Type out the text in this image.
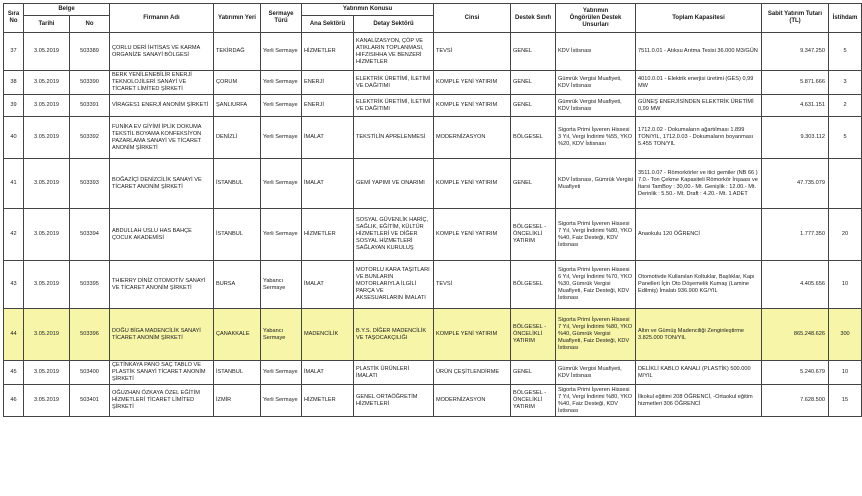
Sıra No	Belge		Firmanın Adı	Yatırımın Yeri	Sermaye Türü	Yatırımın Konusu		Cinsi	Destek Sınıfı	Yatırımın
Öngörülen Destek Unsurları	Toplam Kapasitesi	Sabit Yatırım Tutarı (TL)	İstihdam
	Tarihi	No				Ana Sektörü	Detay Sektörü						
37	3.05.2019	503389	ÇORLU DERİ İHTİSAS VE KARMA ORGANİZE SANAYİ BÖLGESİ	TEKİRDAĞ	Yerli Sermaye	HİZMETLER	KANALİZASYON, ÇÖP VE ATIKLARIN TOPLANMASI, HIFZISIHHA VE BENZERİ HİZMETLER	TEVSİ	GENEL	KDV İstisnası	7511.0.01 - Atıksu Arıtma Tesisi 36.000 M3/GÜN	9.347.250	5
38	3.05.2019	503390	BERK YENİLENEBİLİR ENERJİ TEKNOLOJİLERİ SANAYİ VE TİCARET LİMİTED ŞİRKETİ	ÇORUM	Yerli Sermaye	ENERJİ	ELEKTRİK ÜRETİMİ, İLETİMİ VE DAĞITIMI	KOMPLE YENİ YATIRIM	GENEL	Gümrük Vergisi Muafiyeti, KDV İstisnası	4010.0.01 - Elektrik enerjisi üretimi (GES) 0,99 MW	5.871.666	3
39	3.05.2019	503391	VİRAGES1 ENERJİ ANONİM ŞİRKETİ	ŞANLIURFA	Yerli Sermaye	ENERJİ	ELEKTRİK ÜRETİMİ, İLETİMİ VE DAĞITIMI	KOMPLE YENİ YATIRIM	GENEL	Gümrük Vergisi Muafiyeti, KDV İstisnası	GÜNEŞ ENERJİSİNDEN ELEKTRİK ÜRETİMİ 0,99 MW	4.631.151	2
40	3.05.2019	503392	FUNİKA EV GİYİMİ İPLİK DOKUMA TEKSTİL BOYAMA KONFEKSİYON PAZARLAMA SANAYİ VE TİCARET ANONİM ŞİRKETİ	DENİZLİ	Yerli Sermaye	İMALAT	TEKSTİLİN APRELENMESİ	MODERNİZASYON	BÖLGESEL	Sigorta Primi İşveren Hissesi 3 Yıl, Vergi İndirimi %55, YKO %20, KDV İstisnası	1712.0.02 - Dokumaların ağartılması 1.899 TON/YIL, 1712.0.03 - Dokumaların boyanması 5.455 TON/YIL	9.303.112	5
41	3.05.2019	503393	BOĞAZİÇİ DENİZCİLİK SANAYİ VE TİCARET ANONİM ŞİRKETİ	İSTANBUL	Yerli Sermaye	İMALAT	GEMİ YAPIMI VE ONARIMI	KOMPLE YENİ YATIRIM	GENEL	KDV İstisnası, Gümrük Vergisi Muafiyeti	3511.0.07 - Römorkörler ve itici gemiler (NB 66 ) 7.0.- Ton Çekme Kapasiteli Römorkör İnşaası ve İtarsi TamBoy : 30,00.- Mt. Genişlik : 12.00.- Mt. Derinlik : 5.50.- Mt. Draft : 4.20.- Mt. 1 ADET	47.735.079	
42	3.05.2019	503394	ABDULLAH USLU HAS BAHÇE ÇOCUK AKADEMİSİ	İSTANBUL	Yerli Sermaye	HİZMETLER	SOSYAL GÜVENLİK HARİÇ, SAĞLIK, EĞİTİM, KÜLTÜR HİZMETLERİ VE DİĞER SOSYAL HİZMETLERİ SAĞLAYAN KURULUŞ	KOMPLE YENİ YATIRIM	BÖLGESEL - ÖNCELİKLİ YATIRIM	Sigorta Primi İşveren Hissesi 7 Yıl, Vergi İndirimi %80, YKO %40, Faiz Desteği, KDV İstisnası	Anaokulu 120 ÖĞRENCİ	1.777.350	20
43	3.05.2019	503395	THIERRY DİNİZ OTOMOTİV SANAYİ VE TİCARET ANONİM ŞİRKETİ	BURSA	Yabancı Sermaye	İMALAT	MOTORLU KARA TAŞITLARI VE BUNLARIN MOTORLARIYLA İLGİLİ PARÇA VE AKSESUARLARIN İMALATI	TEVSİ	BÖLGESEL	Sigorta Primi İşveren Hissesi 6 Yıl, Vergi İndirimi %70, YKO %30, Gümrük Vergisi Muafiyeti, Faiz Desteği, KDV İstisnası	Otomotivde Kullanılan Koltuklar, Başlıklar, Kapı Panelleri İçin Oto Döşemelik Kumaş (Lamine Edilmiş) İmalatı 936.900 KG/YIL	4.405.656	10
44	3.05.2019	503396	DOĞU BİGA MADENCİLİK SANAYİ TİCARET ANONİM ŞİRKETİ	ÇANAKKALE	Yabancı Sermaye	MADENCİLİK	B.Y.S. DİĞER MADENCİLİK VE TAŞOCAKÇILIĞI	KOMPLE YENİ YATIRIM	BÖLGESEL - ÖNCELİKLİ YATIRIM	Sigorta Primi İşveren Hissesi 7 Yıl, Vergi İndirimi %80, YKO %40, Gümrük Vergisi Muafiyeti, Faiz Desteği, KDV İstisnası	Altın ve Gümüş Madenciliği Zenginleştirme 3.825.000 TON/YIL	865.248.626	300
45	3.05.2019	503400	ÇETİNKAYA PANO SAÇ TABLO VE PLASTİK SANAYİ TİCARET ANONİM ŞİRKETİ	İSTANBUL	Yerli Sermaye	İMALAT	PLASTİK ÜRÜNLERİ İMALATI	ÜRÜN ÇEŞİTLENDİRME	GENEL	Gümrük Vergisi Muafiyeti, KDV İstisnası	DELİKLİ KABLO KANALI (PLASTİK) 500.000 M/YIL	5.240.679	10
46	3.05.2019	503401	OĞUZHAN ÖZKAYA ÖZEL EĞİTİM HİZMETLERİ TİCARET LİMİTED ŞİRKETİ	İZMİR	Yerli Sermaye	HİZMETLER	GENEL ORTAÖĞRETİM HİZMETLERİ	MODERNİZASYON	BÖLGESEL - ÖNCELİKLİ YATIRIM	Sigorta Primi İşveren Hissesi 7 Yıl, Vergi İndirimi %80, YKO %40, Faiz Desteği, KDV İstisnası	İlkokul eğitimi 208 ÖĞRENCİ, -Ortaokul eğitim hizmetleri 306 ÖĞRENCİ	7.628.500	15
